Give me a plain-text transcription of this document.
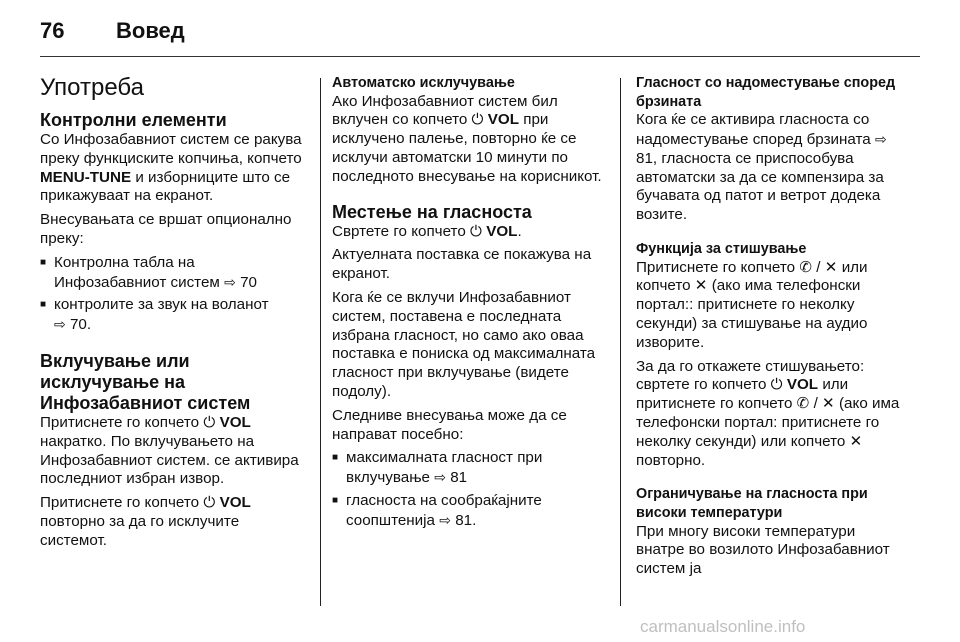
76 Вовед
Употреба
Контролни елементи

Со Инфозабавниот систем се ракува преку функциските копчиња, копчето MENU-TUNE и изборниците што се прикажуваат на екранот.

Внесувањата се вршат опционално преку:

■ Контролна табла на Инфозабавниот систем ⇨ 70
■ контролите за звук на воланот
⇨ 70.
Вклучување или исклучување на Инфозабавниот систем

Притиснете го копчето ⏻ VOL накратко. По вклучувањето на Инфозабавниот систем. се активира последниот избран извор.

Притиснете го копчето ⏻ VOL повторно за да го исклучите системот.

Автоматско исклучување

Ако Инфозабавниот систем бил вклучен со копчето ⏻ VOL при исклучено палење, повторно ќе се исклучи автоматски 10 минути по последното внесување на корисникот.

Местење на гласноста

Свртете го копчето ⏻ VOL.

Актуелната поставка се покажува на екранот.

Кога ќе се вклучи Инфозабавниот систем, поставена е последната избрана гласност, но само ако оваа поставка е пониска од максималната гласност при вклучување (видете подолу).

Следниве внесувања може да се направат посебно:

■ максималната гласност при вклучување ⇨ 81
■ гласноста на сообраќајните соопштенија ⇨ 81.
Гласност со надоместување според брзината

Кога ќе се активира гласноста со надоместување според брзината ⇨ 81, гласноста се приспособува автоматски за да се компензира за бучавата од патот и ветрот додека возите.

Функција за стишување

Притиснете го копчето ✆ / ✕ или копчето ✕ (ако има телефонски портал:: притиснете го неколку секунди) за стишување на аудио изворите.

За да го откажете стишувањето: свртете го копчето ⏻ VOL или притиснете го копчето ✆ / ✕ (ако има телефонски портал: притиснете го неколку секунди) или копчето ✕ повторно.

Ограничување на гласноста при високи температури

При многу високи температури внатре во возилото Инфозабавниот систем ја

carmanualsonline.info
